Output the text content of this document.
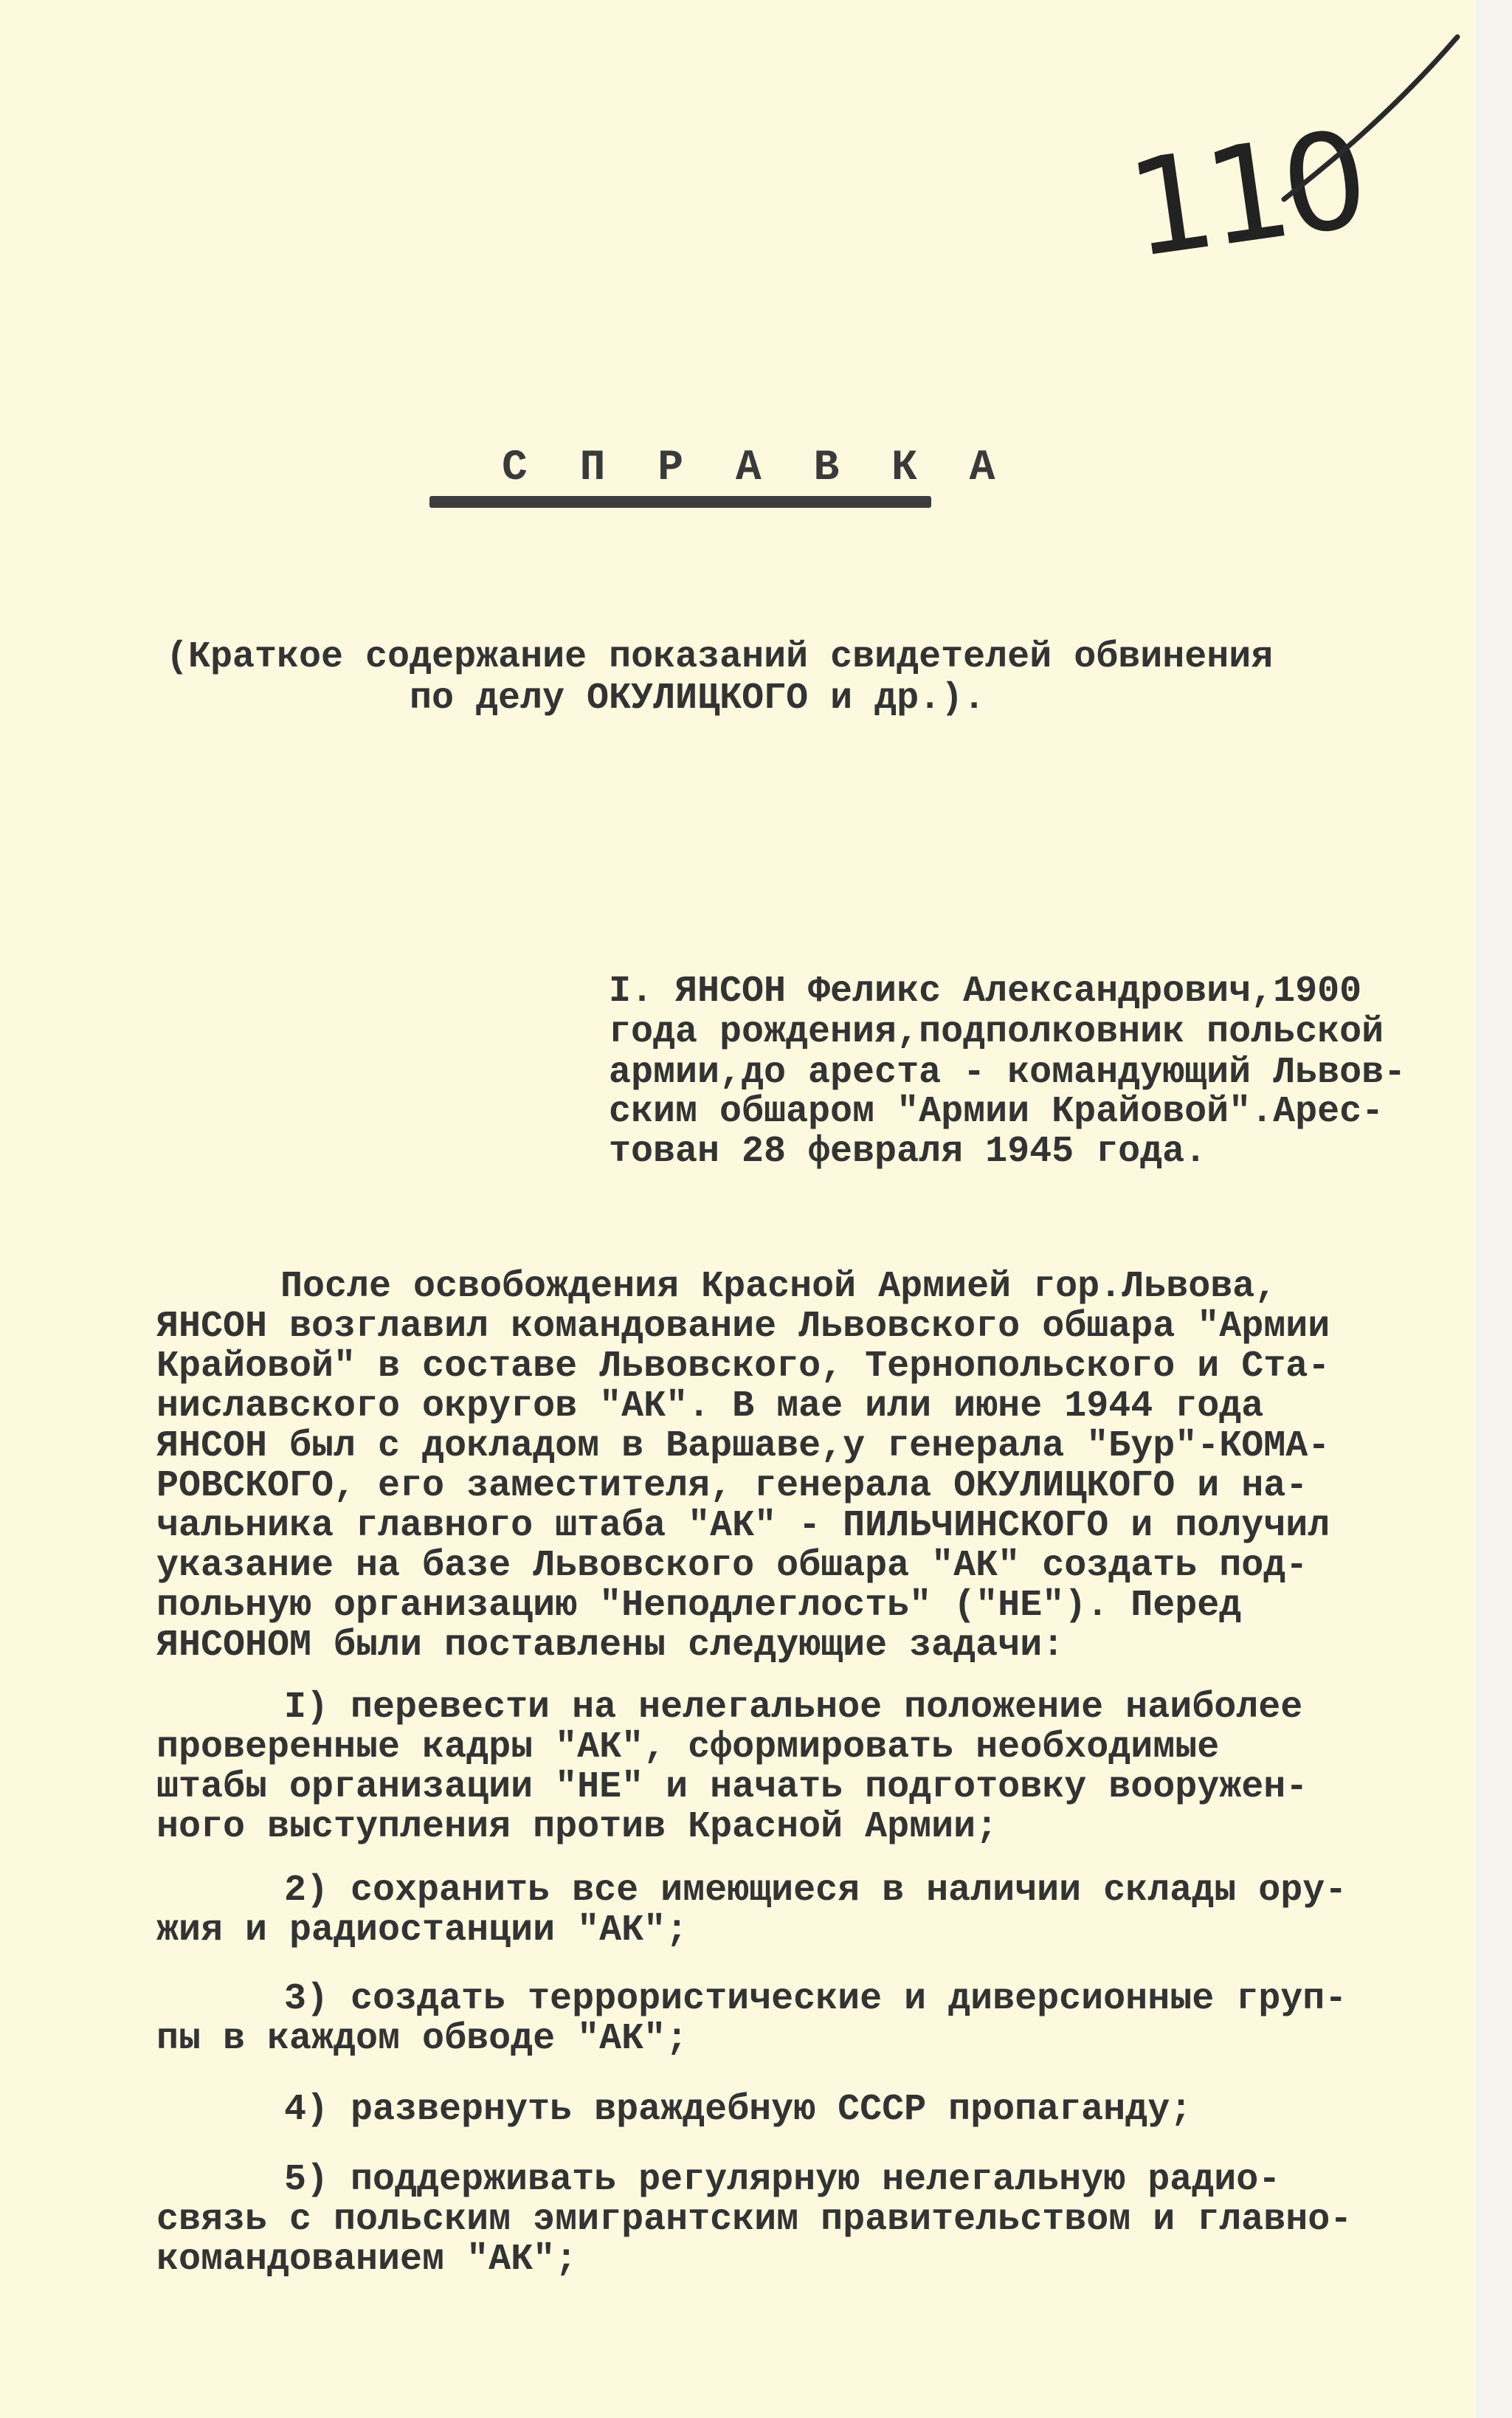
110
С П Р А В К А
(Краткое содержание показаний свидетелей обвинения
по делу ОКУЛИЦКОГО и др.).
I. ЯНСОН Феликс Александрович,1900
года рождения,подполковник польской
армии,до ареста - командующий Львов-
ским обшаром "Армии Крайовой".Арес-
тован 28 февраля 1945 года.
После освобождения Красной Армией гор.Львова,
ЯНСОН возглавил командование Львовского обшара "Армии
Крайовой" в составе Львовского, Тернопольского и Ста-
ниславского округов "АК". В мае или июне 1944 года
ЯНСОН был с докладом в Варшаве,у генерала "Бур"-КОМА-
РОВСКОГО, его заместителя, генерала ОКУЛИЦКОГО и на-
чальника главного штаба "АК" - ПИЛЬЧИНСКОГО и получил
указание на базе Львовского обшара "АК" создать под-
польную организацию "Неподлеглость" ("НЕ"). Перед
ЯНСОНОМ были поставлены следующие задачи:
I) перевести на нелегальное положение наиболее
проверенные кадры "АК", сформировать необходимые
штабы организации "НЕ" и начать подготовку вооружен-
ного выступления против Красной Армии;
2) сохранить все имеющиеся в наличии склады ору-
жия и радиостанции "АК";
3) создать террористические и диверсионные груп-
пы в каждом обводе "АК";
4) развернуть враждебную СССР пропаганду;
5) поддерживать регулярную нелегальную радио-
связь с польским эмигрантским правительством и главно-
командованием "АК";
